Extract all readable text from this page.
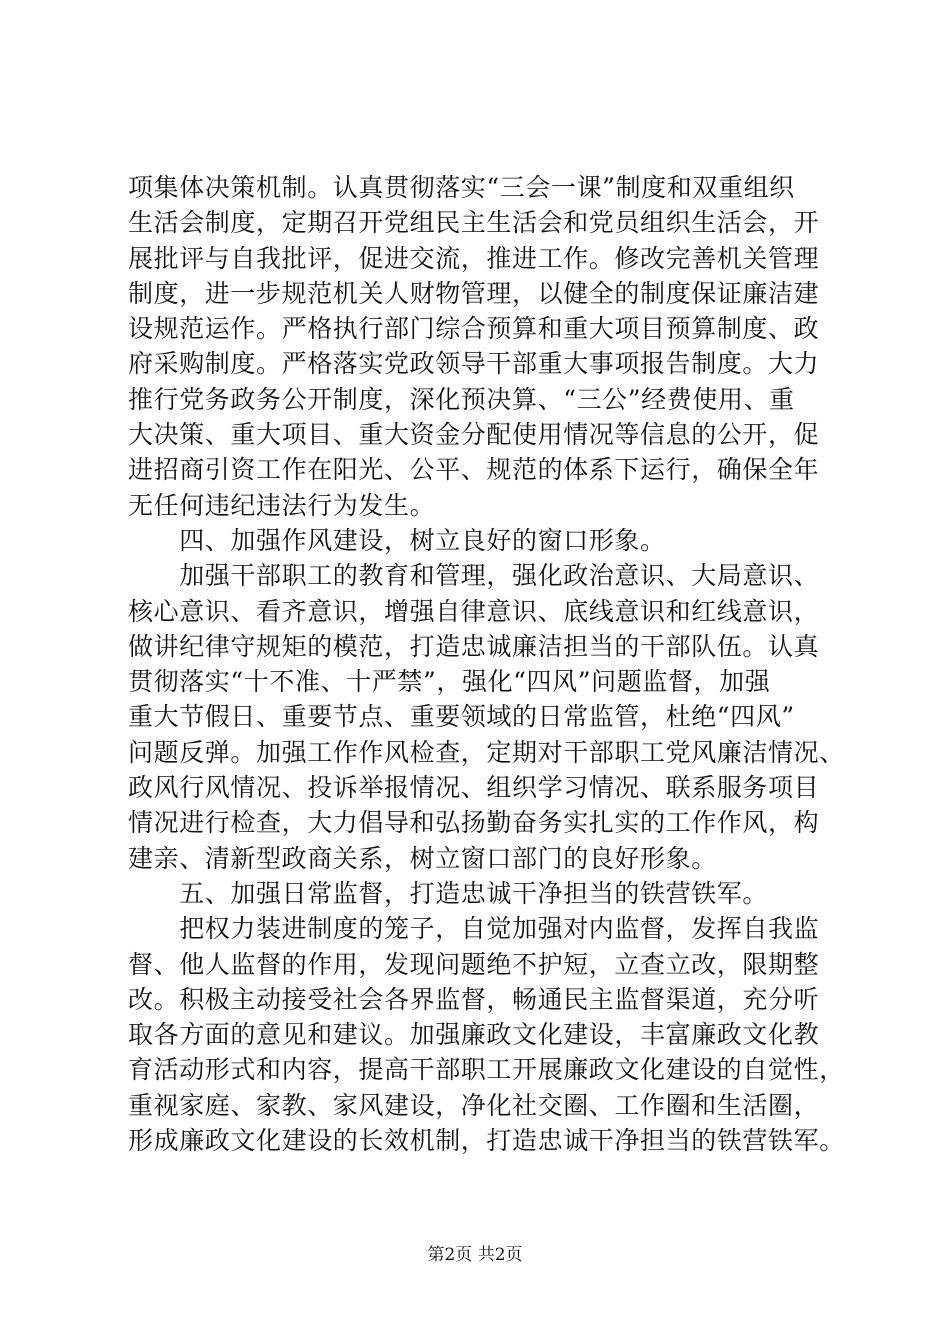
项集体决策机制。认真贯彻落实“三会一课”制度和双重组织
生活会制度，定期召开党组民主生活会和党员组织生活会，开
展批评与自我批评，促进交流，推进工作。修改完善机关管理
制度，进一步规范机关人财物管理，以健全的制度保证廉洁建
设规范运作。严格执行部门综合预算和重大项目预算制度、政
府采购制度。严格落实党政领导干部重大事项报告制度。大力
推行党务政务公开制度，深化预决算、“三公”经费使用、重
大决策、重大项目、重大资金分配使用情况等信息的公开，促
进招商引资工作在阳光、公平、规范的体系下运行，确保全年
无任何违纪违法行为发生。
　　四、加强作风建设，树立良好的窗口形象。
　　加强干部职工的教育和管理，强化政治意识、大局意识、
核心意识、看齐意识，增强自律意识、底线意识和红线意识，
做讲纪律守规矩的模范，打造忠诚廉洁担当的干部队伍。认真
贯彻落实“十不准、十严禁”，强化“四风”问题监督，加强
重大节假日、重要节点、重要领域的日常监管，杜绝“四风”
问题反弹。加强工作作风检查，定期对干部职工党风廉洁情况、
政风行风情况、投诉举报情况、组织学习情况、联系服务项目
情况进行检查，大力倡导和弘扬勤奋务实扎实的工作作风，构
建亲、清新型政商关系，树立窗口部门的良好形象。
　　五、加强日常监督，打造忠诚干净担当的铁营铁军。
　　把权力装进制度的笼子，自觉加强对内监督，发挥自我监
督、他人监督的作用，发现问题绝不护短，立查立改，限期整
改。积极主动接受社会各界监督，畅通民主监督渠道，充分听
取各方面的意见和建议。加强廉政文化建设，丰富廉政文化教
育活动形式和内容，提高干部职工开展廉政文化建设的自觉性，
重视家庭、家教、家风建设，净化社交圈、工作圈和生活圈，
形成廉政文化建设的长效机制，打造忠诚干净担当的铁营铁军。
第2页 共2页
